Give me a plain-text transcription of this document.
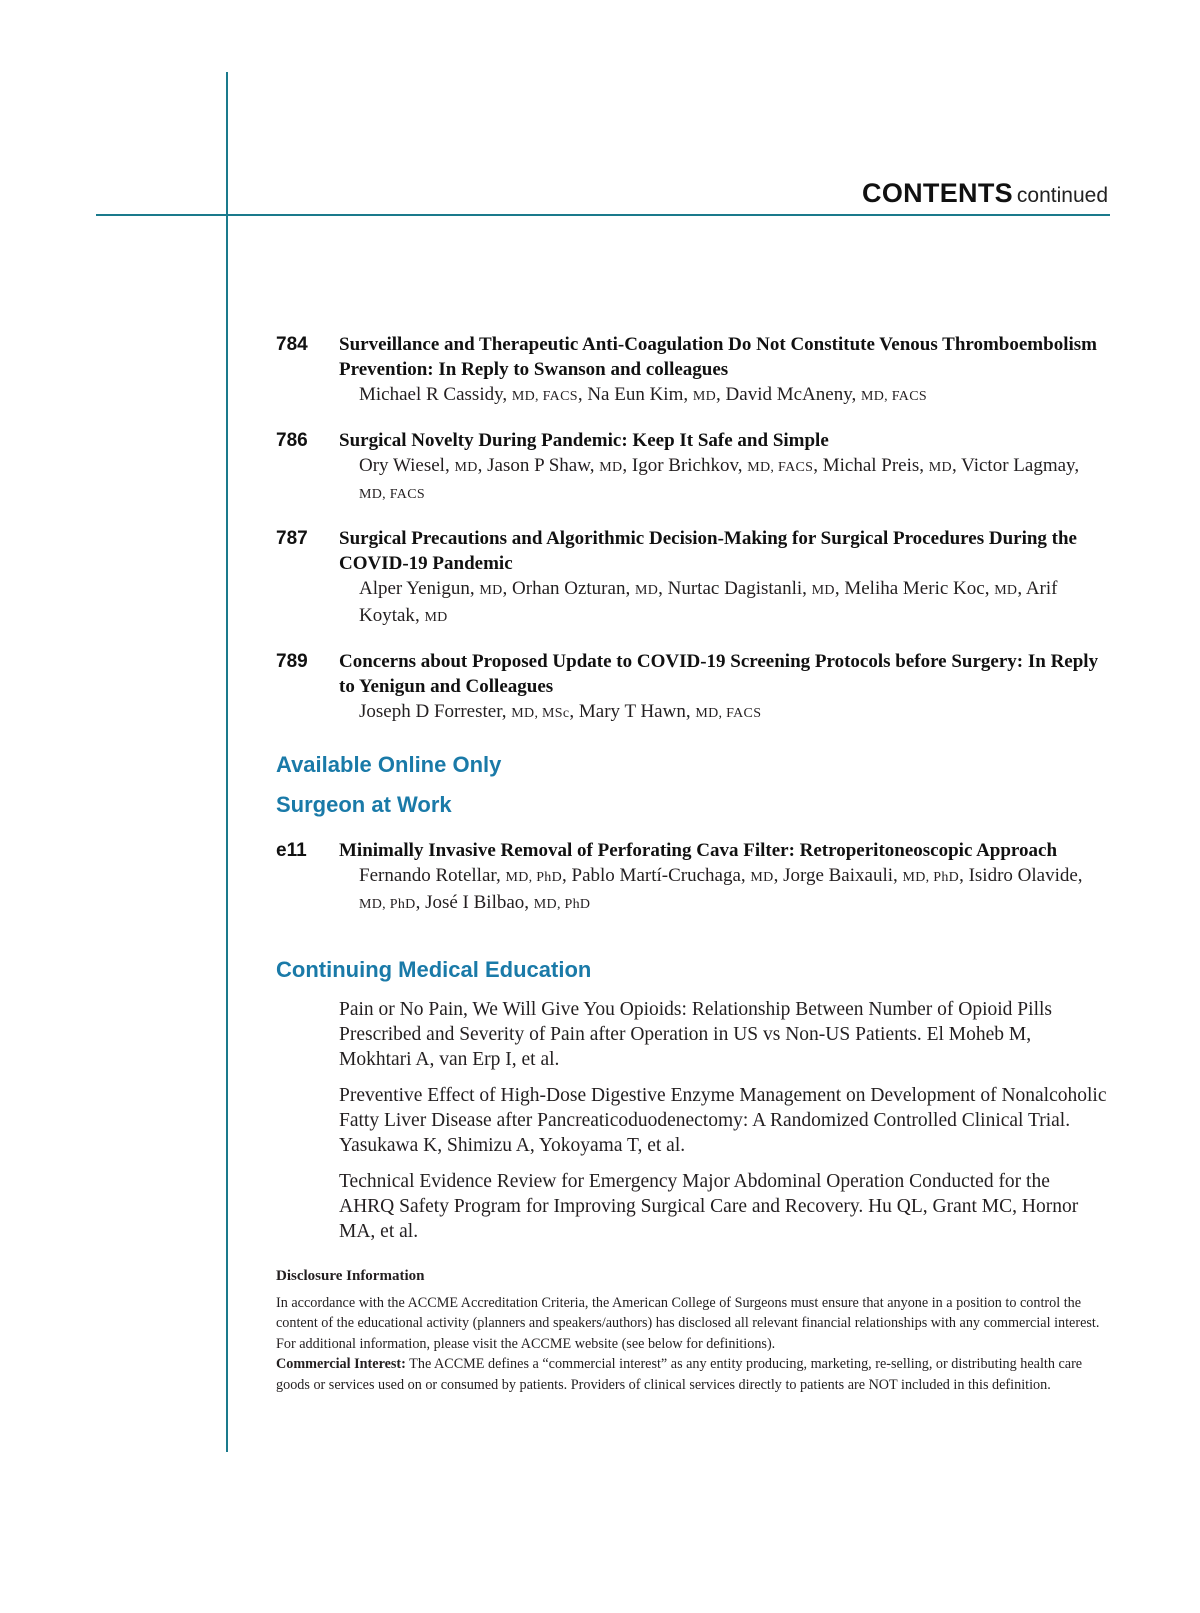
CONTENTS continued
784 Surveillance and Therapeutic Anti-Coagulation Do Not Constitute Venous Thromboembolism Prevention: In Reply to Swanson and colleagues
Michael R Cassidy, MD, FACS, Na Eun Kim, MD, David McAneny, MD, FACS
786 Surgical Novelty During Pandemic: Keep It Safe and Simple
Ory Wiesel, MD, Jason P Shaw, MD, Igor Brichkov, MD, FACS, Michal Preis, MD, Victor Lagmay, MD, FACS
787 Surgical Precautions and Algorithmic Decision-Making for Surgical Procedures During the COVID-19 Pandemic
Alper Yenigun, MD, Orhan Ozturan, MD, Nurtac Dagistanli, MD, Meliha Meric Koc, MD, Arif Koytak, MD
789 Concerns about Proposed Update to COVID-19 Screening Protocols before Surgery: In Reply to Yenigun and Colleagues
Joseph D Forrester, MD, MSc, Mary T Hawn, MD, FACS
Available Online Only
Surgeon at Work
e11 Minimally Invasive Removal of Perforating Cava Filter: Retroperitoneoscopic Approach
Fernando Rotellar, MD, PhD, Pablo Martí-Cruchaga, MD, Jorge Baixauli, MD, PhD, Isidro Olavide, MD, PhD, José I Bilbao, MD, PhD
Continuing Medical Education
Pain or No Pain, We Will Give You Opioids: Relationship Between Number of Opioid Pills Prescribed and Severity of Pain after Operation in US vs Non-US Patients. El Moheb M, Mokhtari A, van Erp I, et al.
Preventive Effect of High-Dose Digestive Enzyme Management on Development of Nonalcoholic Fatty Liver Disease after Pancreaticoduodenectomy: A Randomized Controlled Clinical Trial. Yasukawa K, Shimizu A, Yokoyama T, et al.
Technical Evidence Review for Emergency Major Abdominal Operation Conducted for the AHRQ Safety Program for Improving Surgical Care and Recovery. Hu QL, Grant MC, Hornor MA, et al.
Disclosure Information
In accordance with the ACCME Accreditation Criteria, the American College of Surgeons must ensure that anyone in a position to control the content of the educational activity (planners and speakers/authors) has disclosed all relevant financial relationships with any commercial interest. For additional information, please visit the ACCME website (see below for definitions).
Commercial Interest: The ACCME defines a “commercial interest” as any entity producing, marketing, re-selling, or distributing health care goods or services used on or consumed by patients. Providers of clinical services directly to patients are NOT included in this definition.
